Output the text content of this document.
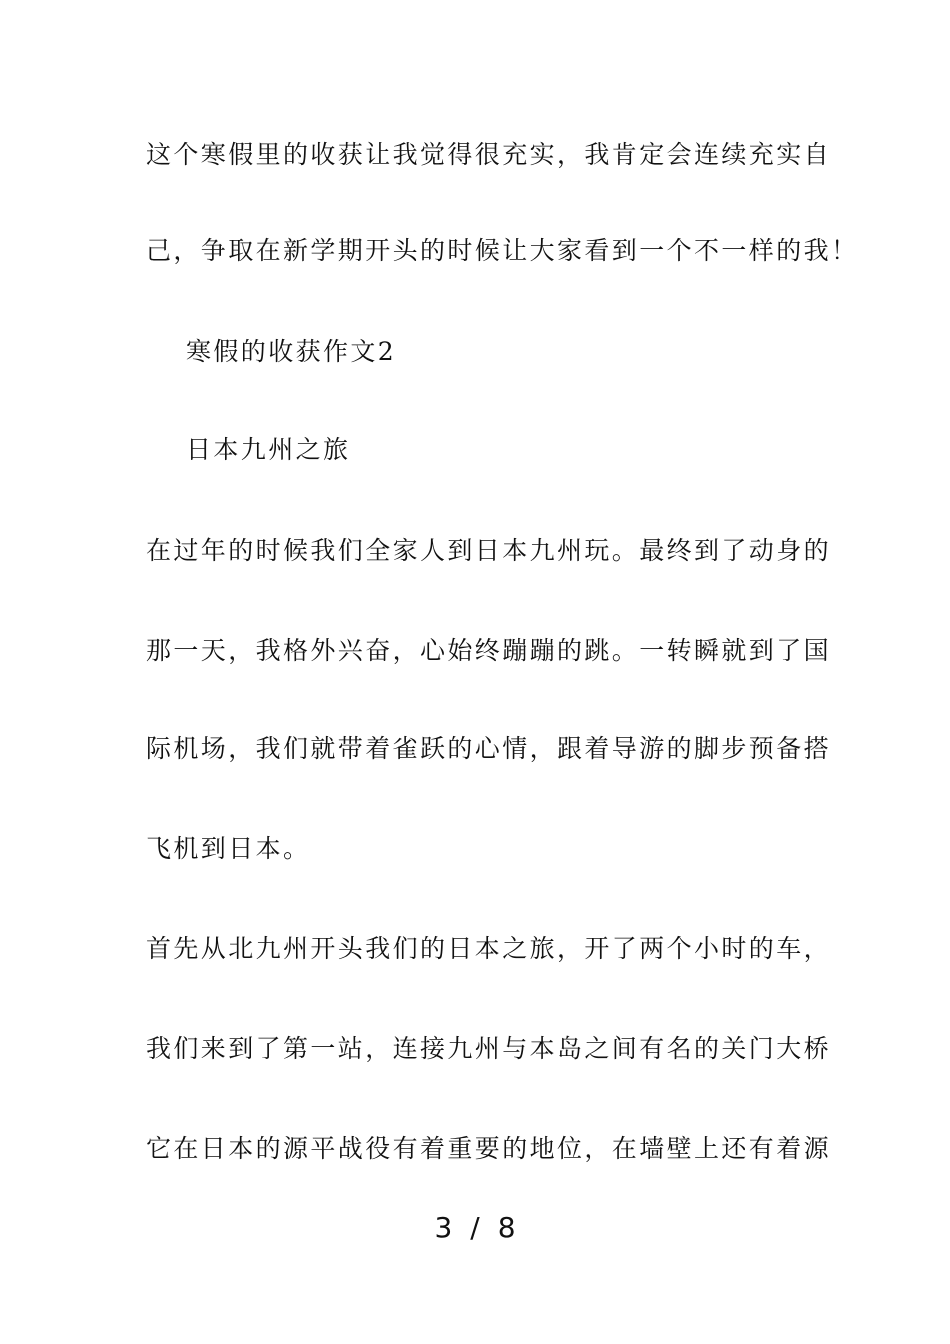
这个寒假里的收获让我觉得很充实，我肯定会连续充实自
己，争取在新学期开头的时候让大家看到一个不一样的我！
寒假的收获作文2
日本九州之旅
在过年的时候我们全家人到日本九州玩。最终到了动身的
那一天，我格外兴奋，心始终蹦蹦的跳。一转瞬就到了国
际机场，我们就带着雀跃的心情，跟着导游的脚步预备搭
飞机到日本。
首先从北九州开头我们的日本之旅，开了两个小时的车，
我们来到了第一站，连接九州与本岛之间有名的关门大桥
它在日本的源平战役有着重要的地位，在墙壁上还有着源
3 / 8
